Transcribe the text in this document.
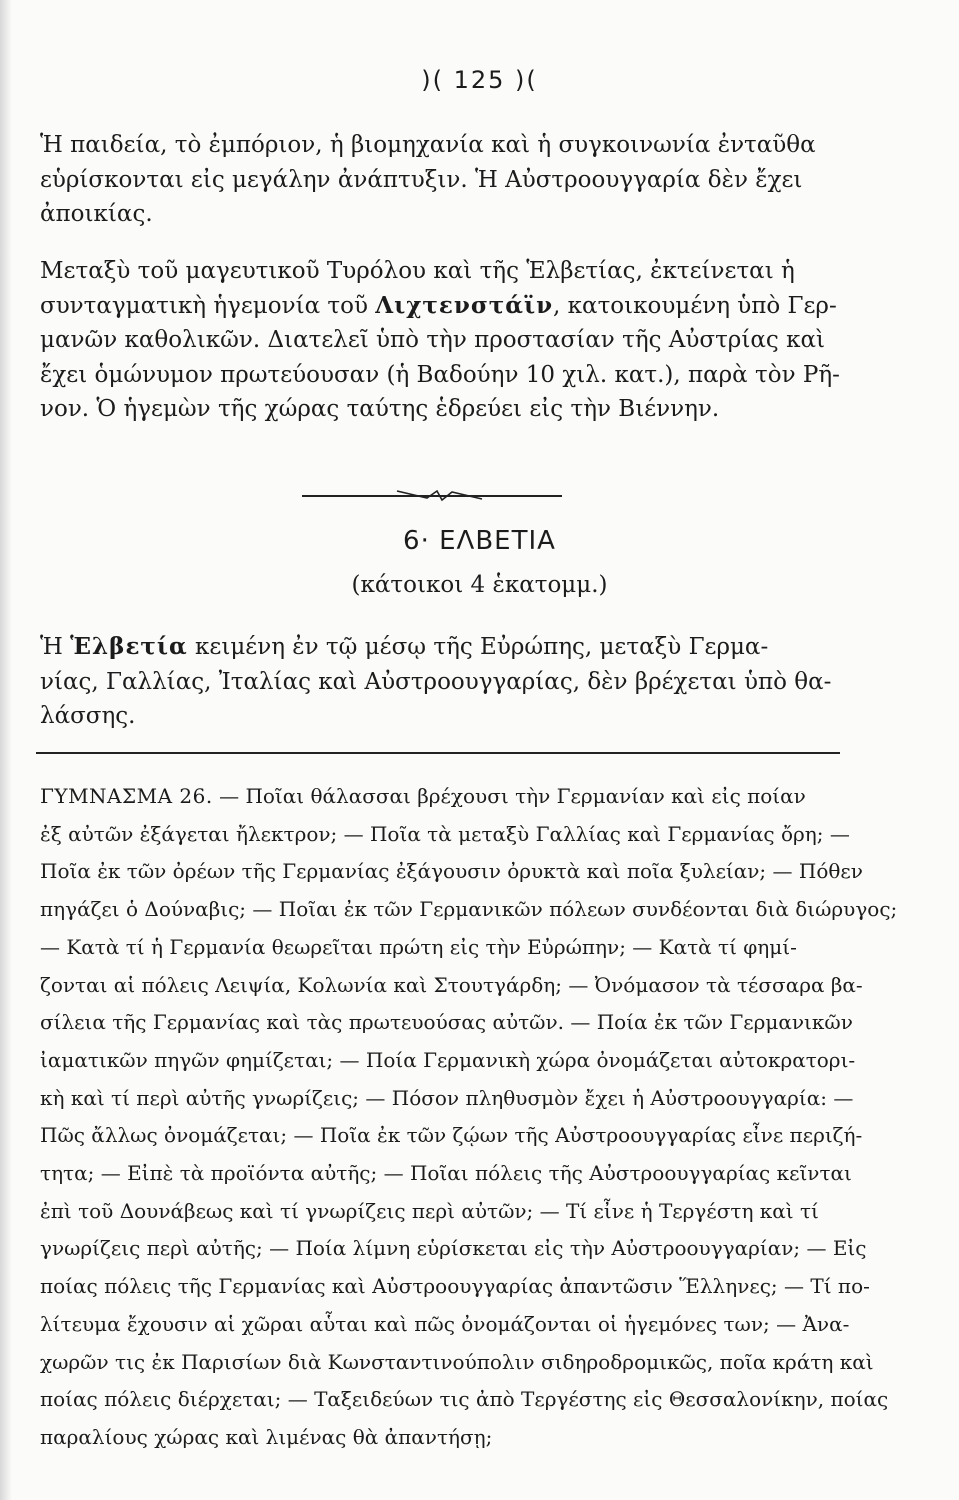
)( 125 )(

Ἡ παιδεία, τὸ ἐμπόριον, ἡ βιομηχανία καὶ ἡ συγκοινωνία ἐνταῦθα
εὑρίσκονται εἰς μεγάλην ἀνάπτυξιν. Ἡ Αὐστροουγγαρία δὲν ἔχει
ἀποικίας.

Μεταξὺ τοῦ μαγευτικοῦ Τυρόλου καὶ τῆς Ἑλβετίας, ἐκτείνεται ἡ
συνταγματικὴ ἡγεμονία τοῦ Λιχτενστάϊν, κατοικουμένη ὑπὸ Γερ-
μανῶν καθολικῶν. Διατελεῖ ὑπὸ τὴν προστασίαν τῆς Αὐστρίας καὶ
ἔχει ὁμώνυμον πρωτεύουσαν (ἡ Βαδούην 10 χιλ. κατ.), παρὰ τὸν Ρῆ-
νον. Ὁ ἡγεμὼν τῆς χώρας ταύτης ἑδρεύει εἰς τὴν Βιέννην.

6· ΕΛΒΕΤΙΑ
(κάτοικοι 4 ἑκατομμ.)

Ἡ Ἑλβετία κειμένη ἐν τῷ μέσῳ τῆς Εὐρώπης, μεταξὺ Γερμα-
νίας, Γαλλίας, Ἰταλίας καὶ Αὐστροουγγαρίας, δὲν βρέχεται ὑπὸ θα-
λάσσης.

ΓΥΜΝΑΣΜΑ 26. — Ποῖαι θάλασσαι βρέχουσι τὴν Γερμανίαν καὶ εἰς ποίαν
ἐξ αὐτῶν ἐξάγεται ἤλεκτρον; — Ποῖα τὰ μεταξὺ Γαλλίας καὶ Γερμανίας ὄρη; —
Ποῖα ἐκ τῶν ὀρέων τῆς Γερμανίας ἐξάγουσιν ὀρυκτὰ καὶ ποῖα ξυλείαν; — Πόθεν
πηγάζει ὁ Δούναβις; — Ποῖαι ἐκ τῶν Γερμανικῶν πόλεων συνδέονται διὰ διώρυγος;
— Κατὰ τί ἡ Γερμανία θεωρεῖται πρώτη εἰς τὴν Εὐρώπην; — Κατὰ τί φημί-
ζονται αἱ πόλεις Λειψία, Κολωνία καὶ Στουτγάρδη; — Ὀνόμασον τὰ τέσσαρα βα-
σίλεια τῆς Γερμανίας καὶ τὰς πρωτευούσας αὐτῶν. — Ποία ἐκ τῶν Γερμανικῶν
ἰαματικῶν πηγῶν φημίζεται; — Ποία Γερμανικὴ χώρα ὀνομάζεται αὐτοκρατορι-
κὴ καὶ τί περὶ αὐτῆς γνωρίζεις; — Πόσον πληθυσμὸν ἔχει ἡ Αὐστροουγγαρία: —
Πῶς ἄλλως ὀνομάζεται; — Ποῖα ἐκ τῶν ζῴων τῆς Αὐστροουγγαρίας εἶνε περιζή-
τητα; — Εἰπὲ τὰ προϊόντα αὐτῆς; — Ποῖαι πόλεις τῆς Αὐστροουγγαρίας κεῖνται
ἐπὶ τοῦ Δουνάβεως καὶ τί γνωρίζεις περὶ αὐτῶν; — Τί εἶνε ἡ Τεργέστη καὶ τί
γνωρίζεις περὶ αὐτῆς; — Ποία λίμνη εὑρίσκεται εἰς τὴν Αὐστροουγγαρίαν; — Εἰς
ποίας πόλεις τῆς Γερμανίας καὶ Αὐστροουγγαρίας ἀπαντῶσιν Ἕλληνες; — Τί πο-
λίτευμα ἔχουσιν αἱ χῶραι αὗται καὶ πῶς ὀνομάζονται οἱ ἡγεμόνες των; — Ἀνα-
χωρῶν τις ἐκ Παρισίων διὰ Κωνσταντινούπολιν σιδηροδρομικῶς, ποῖα κράτη καὶ
ποίας πόλεις διέρχεται; — Ταξειδεύων τις ἀπὸ Τεργέστης εἰς Θεσσαλονίκην, ποίας
παραλίους χώρας καὶ λιμένας θὰ ἀπαντήσῃ;
